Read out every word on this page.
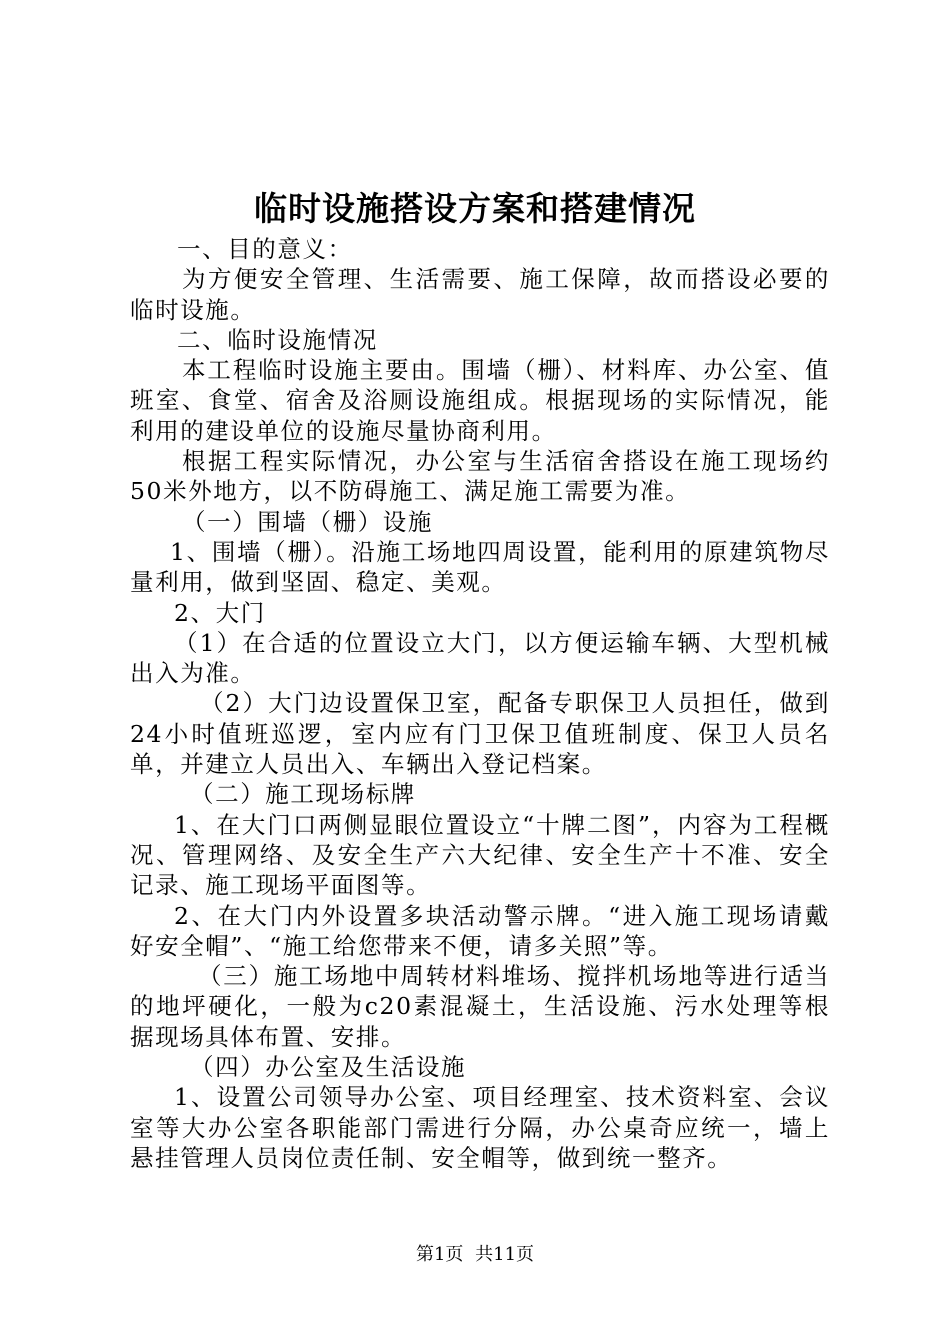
临时设施搭设方案和搭建情况

一、目的意义：

为方便安全管理、生活需要、施工保障，故而搭设必要的临时设施。

二、临时设施情况

本工程临时设施主要由。围墙（栅）、材料库、办公室、值班室、食堂、宿舍及浴厕设施组成。根据现场的实际情况，能利用的建设单位的设施尽量协商利用。

根据工程实际情况，办公室与生活宿舍搭设在施工现场约50米外地方，以不防碍施工、满足施工需要为准。

（一）围墙（栅）设施

1、围墙（栅）。沿施工场地四周设置，能利用的原建筑物尽量利用，做到坚固、稳定、美观。

2、大门

（1）在合适的位置设立大门，以方便运输车辆、大型机械出入为准。

（2）大门边设置保卫室，配备专职保卫人员担任，做到24小时值班巡逻，室内应有门卫保卫值班制度、保卫人员名单，并建立人员出入、车辆出入登记档案。

（二）施工现场标牌

1、在大门口两侧显眼位置设立“十牌二图”，内容为工程概况、管理网络、及安全生产六大纪律、安全生产十不准、安全记录、施工现场平面图等。

2、在大门内外设置多块活动警示牌。“进入施工现场请戴好安全帽”、“施工给您带来不便，请多关照”等。

（三）施工场地中周转材料堆场、搅拌机场地等进行适当的地坪硬化，一般为c20素混凝土，生活设施、污水处理等根据现场具体布置、安排。

（四）办公室及生活设施

1、设置公司领导办公室、项目经理室、技术资料室、会议室等大办公室各职能部门需进行分隔，办公桌奇应统一，墙上悬挂管理人员岗位责任制、安全帽等，做到统一整齐。

第1页 共11页
